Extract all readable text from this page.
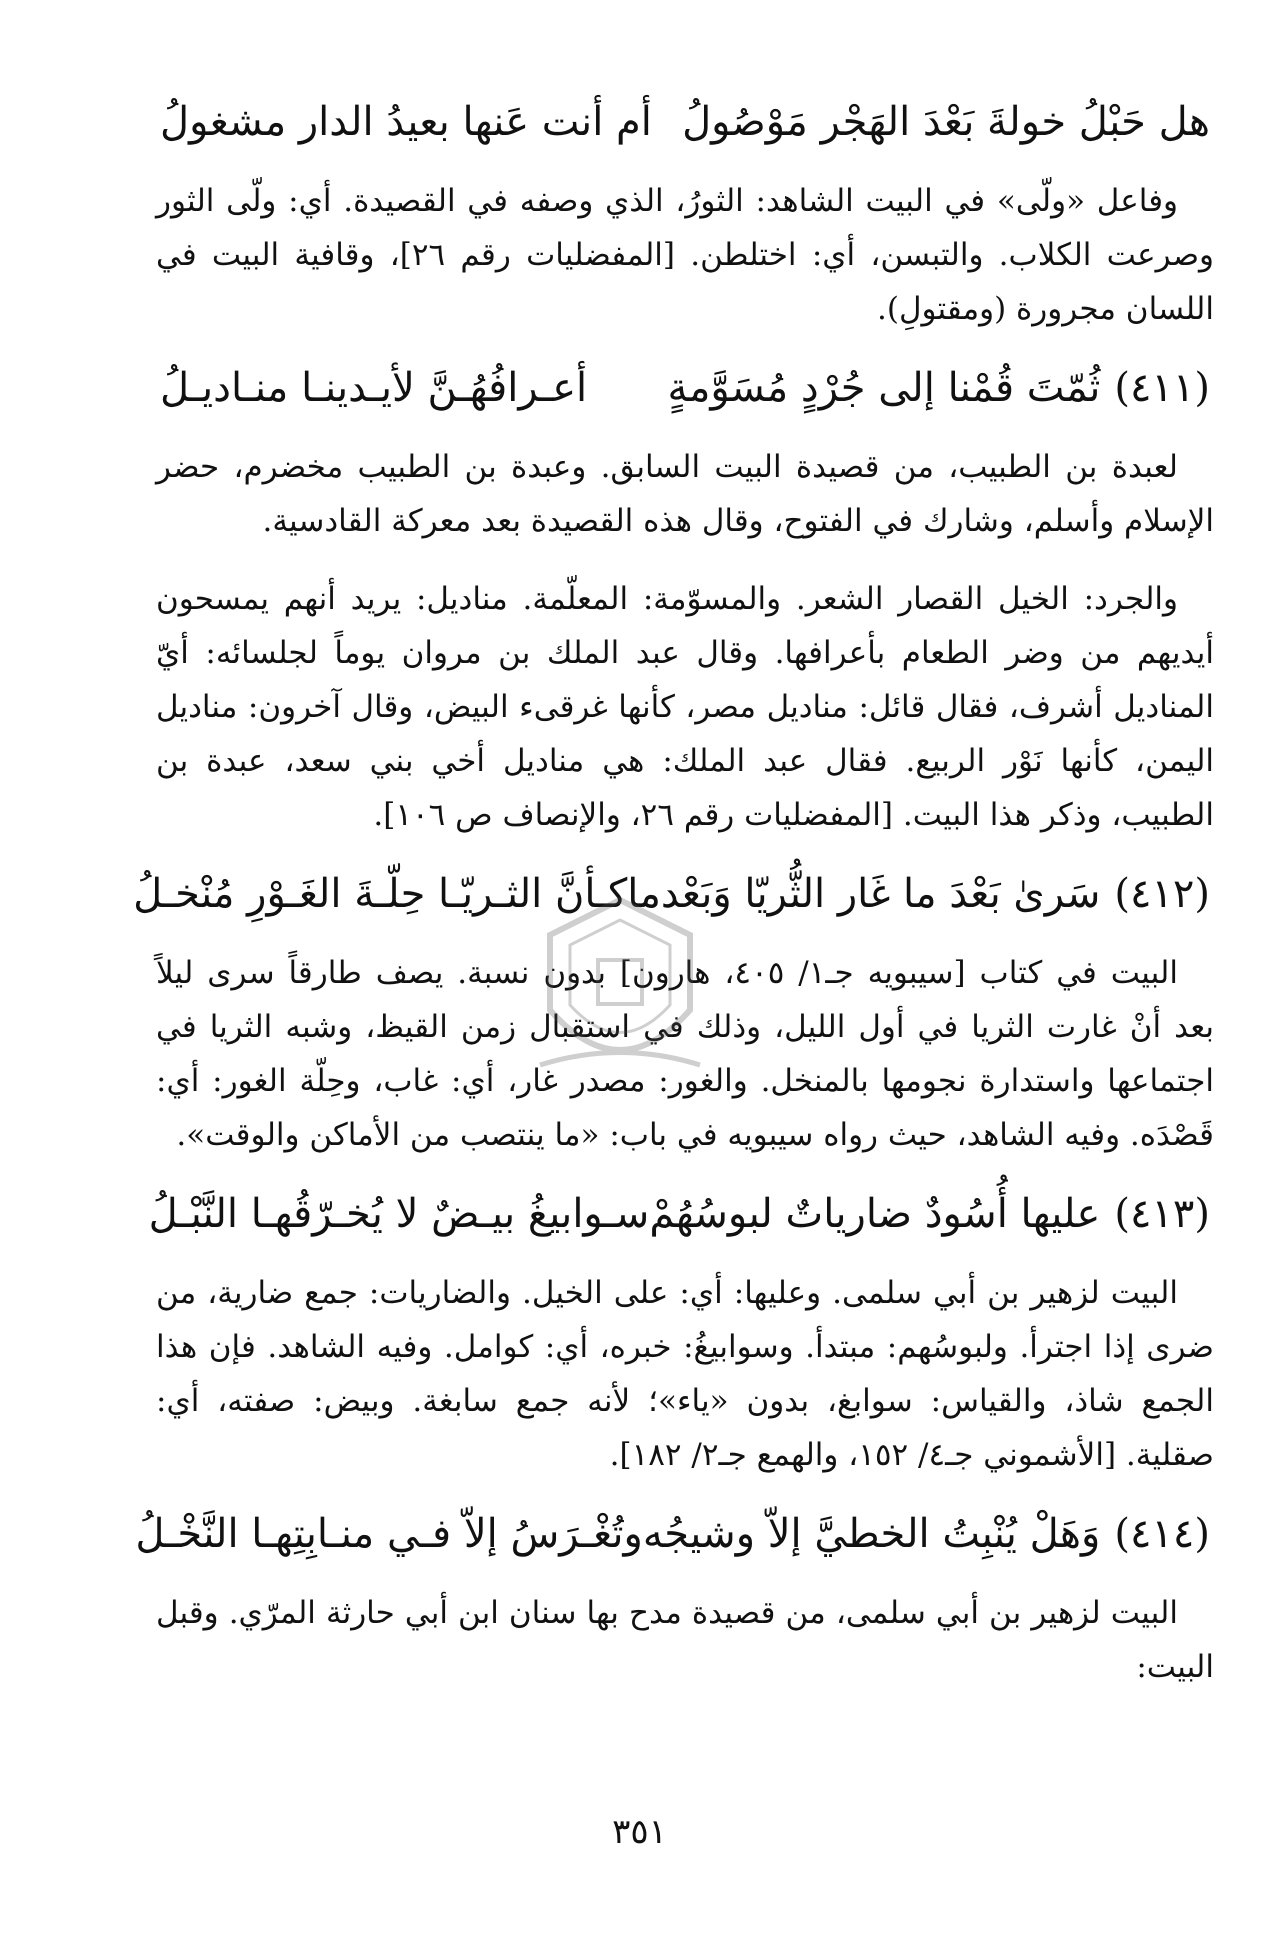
هل حَبْلُ خولةَ بَعْدَ الهَجْر مَوْصُولُ
أم أنت عَنها بعيدُ الدار مشغولُ

وفاعل «ولّى» في البيت الشاهد: الثورُ، الذي وصفه في القصيدة. أي: ولّى الثور وصرعت الكلاب. والتبسن، أي: اختلطن. [المفضليات رقم ٢٦]، وقافية البيت في اللسان مجرورة (ومقتولِ).

(٤١١)
ثُمّتَ قُمْنا إلى جُرْدٍ مُسَوَّمةٍ
أعـرافُهُـنَّ لأيـدينـا منـاديـلُ

لعبدة بن الطبيب، من قصيدة البيت السابق. وعبدة بن الطبيب مخضرم، حضر الإسلام وأسلم، وشارك في الفتوح، وقال هذه القصيدة بعد معركة القادسية.

والجرد: الخيل القصار الشعر. والمسوّمة: المعلّمة. مناديل: يريد أنهم يمسحون أيديهم من وضر الطعام بأعرافها. وقال عبد الملك بن مروان يوماً لجلسائه: أيّ المناديل أشرف، فقال قائل: مناديل مصر، كأنها غرقىء البيض، وقال آخرون: مناديل اليمن، كأنها نَوْر الربيع. فقال عبد الملك: هي مناديل أخي بني سعد، عبدة بن الطبيب، وذكر هذا البيت. [المفضليات رقم ٢٦، والإنصاف ص ١٠٦].

(٤١٢)
سَرىٰ بَعْدَ ما غَار الثُّريّا وَبَعْدما
كـأنَّ الثـريّـا حِلّـةَ الغَـوْرِ مُنْخـلُ

البيت في كتاب [سيبويه جـ١/ ٤٠٥، هارون] بدون نسبة. يصف طارقاً سرى ليلاً بعد أنْ غارت الثريا في أول الليل، وذلك في استقبال زمن القيظ، وشبه الثريا في اجتماعها واستدارة نجومها بالمنخل. والغور: مصدر غار، أي: غاب، وحِلّة الغور: أي: قَصْدَه. وفيه الشاهد، حيث رواه سيبويه في باب: «ما ينتصب من الأماكن والوقت».

(٤١٣)
عليها أُسُودٌ ضارياتٌ لبوسُهُمْ
سـوابيغُ بيـضٌ لا يُخـرّقُهـا النَّبْـلُ

البيت لزهير بن أبي سلمى. وعليها: أي: على الخيل. والضاريات: جمع ضارية، من ضرى إذا اجترأ. ولبوسُهم: مبتدأ. وسوابيغُ: خبره، أي: كوامل. وفيه الشاهد. فإن هذا الجمع شاذ، والقياس: سوابغ، بدون «ياء»؛ لأنه جمع سابغة. وبيض: صفته، أي: صقلية. [الأشموني جـ٤/ ١٥٢، والهمع جـ٢/ ١٨٢].

(٤١٤)
وَهَلْ يُنْبِتُ الخطيَّ إلاّ وشيجُه
وتُغْـرَسُ إلاّ فـي منـابِتِهـا النَّخْـلُ

البيت لزهير بن أبي سلمى، من قصيدة مدح بها سنان ابن أبي حارثة المرّي. وقبل البيت:

٣٥١
